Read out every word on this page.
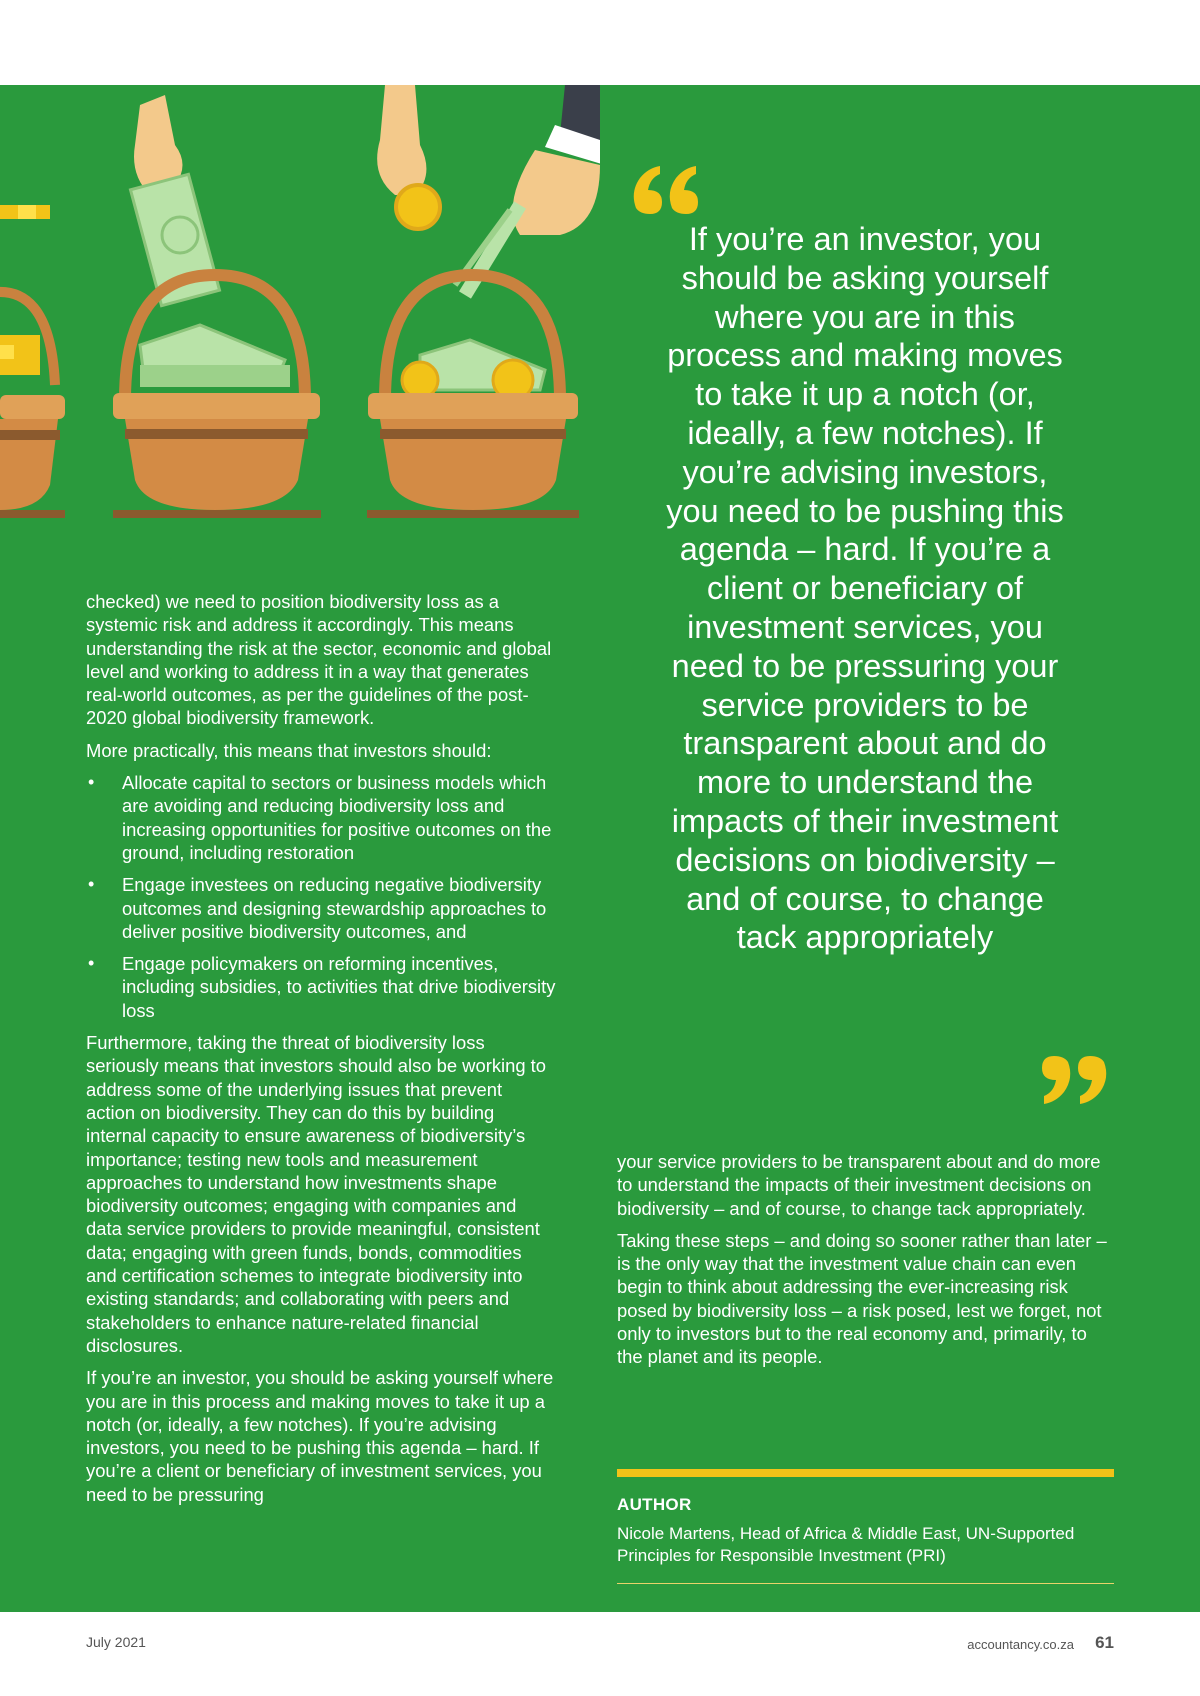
checked) we need to position biodiversity loss as a systemic risk and address it accordingly. This means understanding the risk at the sector, economic and global level and working to address it in a way that generates real-world outcomes, as per the guidelines of the post-2020 global biodiversity framework.

More practically, this means that investors should:

• Allocate capital to sectors or business models which are avoiding and reducing biodiversity loss and increasing opportunities for positive outcomes on the ground, including restoration
• Engage investees on reducing negative biodiversity outcomes and designing stewardship approaches to deliver positive biodiversity outcomes, and
• Engage policymakers on reforming incentives, including subsidies, to activities that drive biodiversity loss

Furthermore, taking the threat of biodiversity loss seriously means that investors should also be working to address some of the underlying issues that prevent action on biodiversity. They can do this by building internal capacity to ensure awareness of biodiversity’s importance; testing new tools and measurement approaches to understand how investments shape biodiversity outcomes; engaging with companies and data service providers to provide meaningful, consistent data; engaging with green funds, bonds, commodities and certification schemes to integrate biodiversity into existing standards; and collaborating with peers and stakeholders to enhance nature-related financial disclosures.

If you’re an investor, you should be asking yourself where you are in this process and making moves to take it up a notch (or, ideally, a few notches). If you’re advising investors, you need to be pushing this agenda – hard. If you’re a client or beneficiary of investment services, you need to be pressuring

If you’re an investor, you should be asking yourself where you are in this process and making moves to take it up a notch (or, ideally, a few notches). If you’re advising investors, you need to be pushing this agenda – hard. If you’re a client or beneficiary of investment services, you need to be pressuring your service providers to be transparent about and do more to understand the impacts of their investment decisions on biodiversity – and of course, to change tack appropriately

your service providers to be transparent about and do more to understand the impacts of their investment decisions on biodiversity – and of course, to change tack appropriately.

Taking these steps – and doing so sooner rather than later – is the only way that the investment value chain can even begin to think about addressing the ever-increasing risk posed by biodiversity loss – a risk posed, lest we forget, not only to investors but to the real economy and, primarily, to the planet and its people.

AUTHOR
Nicole Martens, Head of Africa & Middle East, UN-Supported Principles for Responsible Investment (PRI)
July 2021	accountancy.co.za 61
